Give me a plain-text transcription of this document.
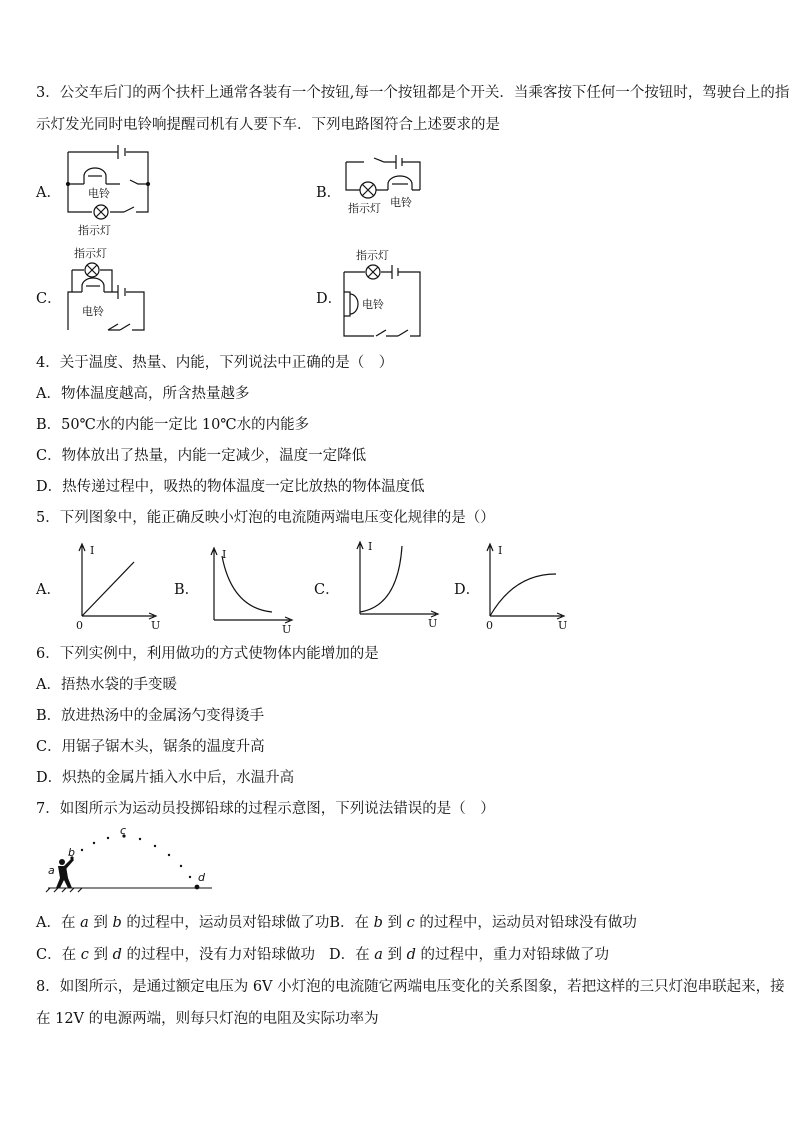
3．公交车后门的两个扶杆上通常各装有一个按钮,每一个按钮都是个开关．当乘客按下任何一个按钮时，驾驶台上的指
示灯发光同时电铃响提醒司机有人要下车．下列电路图符合上述要求的是
A． 电铃
指示灯
B．
指示灯 电铃
C．
指示灯
电铃
D．
指示灯
电铃
4．关于温度、热量、内能，下列说法中正确的是（　）
A．物体温度越高，所含热量越多
B．50℃水的内能一定比 10℃水的内能多
C．物体放出了热量，内能一定减少，温度一定降低
D．热传递过程中，吸热的物体温度一定比放热的物体温度低
5．下列图象中，能正确反映小灯泡的电流随两端电压变化规律的是（）
A．
I
0	U
B．
I
U
C．
I
U
D．
I
0	U
6．下列实例中，利用做功的方式使物体内能增加的是
A．捂热水袋的手变暖
B．放进热汤中的金属汤勺变得烫手
C．用锯子锯木头，锯条的温度升高
D．炽热的金属片插入水中后，水温升高
7．如图所示为运动员投掷铅球的过程示意图，下列说法错误的是（　）
a
b
c
d
A．在 a 到 b 的过程中，运动员对铅球做了功B．在 b 到 c 的过程中，运动员对铅球没有做功
C．在 c 到 d 的过程中，没有力对铅球做功 D．在 a 到 d 的过程中，重力对铅球做了功
8．如图所示，是通过额定电压为 6V 小灯泡的电流随它两端电压变化的关系图象，若把这样的三只灯泡串联起来，接
在 12V 的电源两端，则每只灯泡的电阻及实际功率为
